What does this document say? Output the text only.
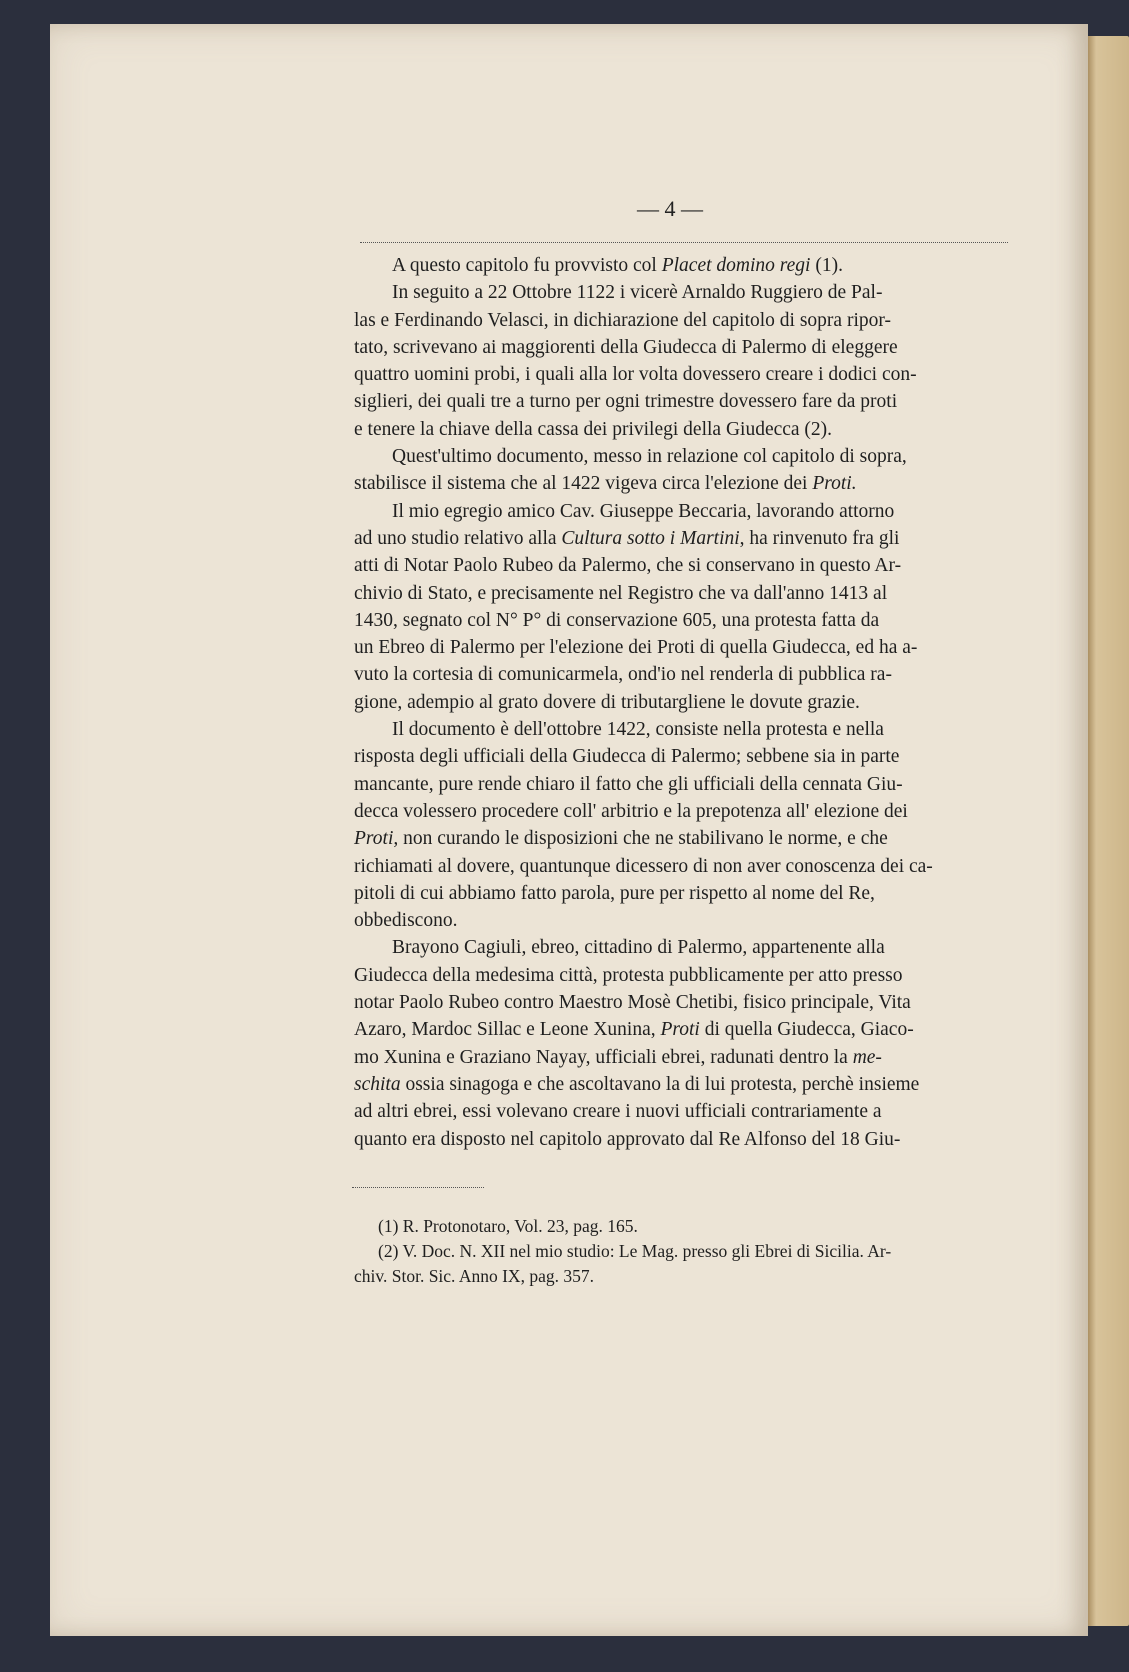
— 4 —
A questo capitolo fu provvisto col Placet domino regi (1).
In seguito a 22 Ottobre 1122 i vicerè Arnaldo Ruggiero de Pal-
las e Ferdinando Velasci, in dichiarazione del capitolo di sopra ripor-
tato, scrivevano ai maggiorenti della Giudecca di Palermo di eleggere
quattro uomini probi, i quali alla lor volta dovessero creare i dodici con-
siglieri, dei quali tre a turno per ogni trimestre dovessero fare da proti
e tenere la chiave della cassa dei privilegi della Giudecca (2).
Quest'ultimo documento, messo in relazione col capitolo di sopra,
stabilisce il sistema che al 1422 vigeva circa l'elezione dei Proti.
Il mio egregio amico Cav. Giuseppe Beccaria, lavorando attorno
ad uno studio relativo alla Cultura sotto i Martini, ha rinvenuto fra gli
atti di Notar Paolo Rubeo da Palermo, che si conservano in questo Ar-
chivio di Stato, e precisamente nel Registro che va dall'anno 1413 al
1430, segnato col N° P° di conservazione 605, una protesta fatta da
un Ebreo di Palermo per l'elezione dei Proti di quella Giudecca, ed ha a-
vuto la cortesia di comunicarmela, ond'io nel renderla di pubblica ra-
gione, adempio al grato dovere di tributargliene le dovute grazie.
Il documento è dell'ottobre 1422, consiste nella protesta e nella
risposta degli ufficiali della Giudecca di Palermo; sebbene sia in parte
mancante, pure rende chiaro il fatto che gli ufficiali della cennata Giu-
decca volessero procedere coll' arbitrio e la prepotenza all' elezione dei
Proti, non curando le disposizioni che ne stabilivano le norme, e che
richiamati al dovere, quantunque dicessero di non aver conoscenza dei ca-
pitoli di cui abbiamo fatto parola, pure per rispetto al nome del Re,
obbediscono.
Brayono Cagiuli, ebreo, cittadino di Palermo, appartenente alla
Giudecca della medesima città, protesta pubblicamente per atto presso
notar Paolo Rubeo contro Maestro Mosè Chetibi, fisico principale, Vita
Azaro, Mardoc Sillac e Leone Xunina, Proti di quella Giudecca, Giaco-
mo Xunina e Graziano Nayay, ufficiali ebrei, radunati dentro la me-
schita ossia sinagoga e che ascoltavano la di lui protesta, perchè insieme
ad altri ebrei, essi volevano creare i nuovi ufficiali contrariamente a
quanto era disposto nel capitolo approvato dal Re Alfonso del 18 Giu-
(1) R. Protonotaro, Vol. 23, pag. 165.
(2) V. Doc. N. XII nel mio studio: Le Mag. presso gli Ebrei di Sicilia. Ar-
chiv. Stor. Sic. Anno IX, pag. 357.
